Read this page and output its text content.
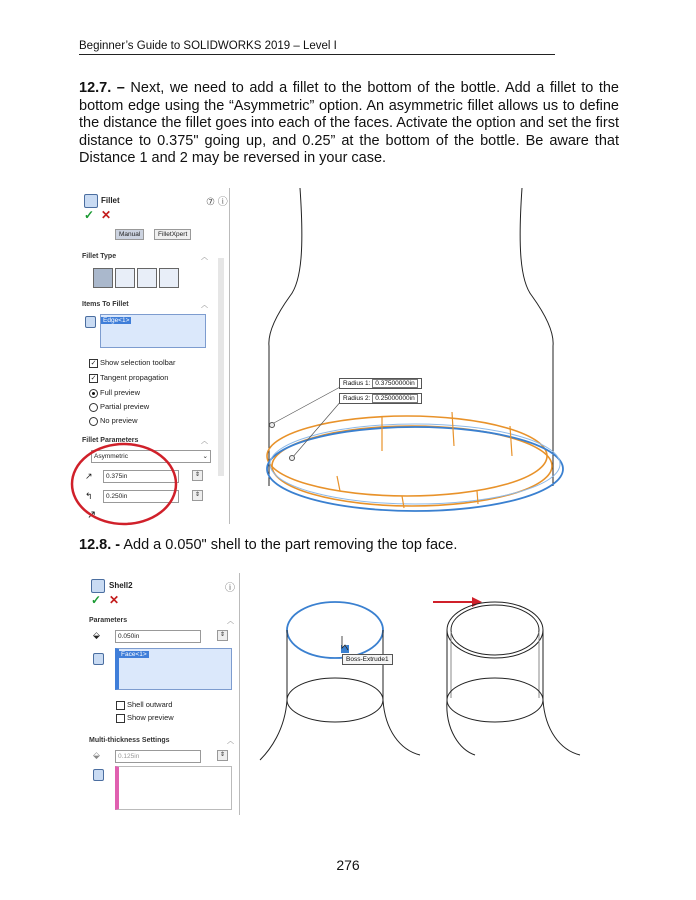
Beginner’s Guide to SOLIDWORKS 2019 – Level I
12.7. – Next, we need to add a fillet to the bottom of the bottle. Add a fillet to the bottom edge using the “Asymmetric” option. An asymmetric fillet allows us to define the distance the fillet goes into each of the faces. Activate the option and set the first distance to 0.375" going up, and 0.25” at the bottom of the bottle. Be aware that Distance 1 and 2 may be reversed in your case.
Fillet	⑦ ⓘ
✓ ✕
Manual	FilletXpert
Fillet Type	︿
Items To Fillet	︿
Edge<1>
✓ Show selection toolbar
✓ Tangent propagation
Full preview
Partial preview
No preview
Fillet Parameters	︿
Asymmetric	⌄
↗	0.375in	⇕
↰	0.250in	⇕
↗
Radius 1: 0.37500000in
Radius 2: 0.25000000in
12.8. - Add a 0.050" shell to the part removing the top face.
Shell2	ⓘ
✓ ✕
Parameters	︿
⬙	0.050in	⇕
Face<1>
Shell outward
Show preview
Multi-thickness Settings	︿
⬙	0.125in	⇕
Boss-Extrude1
276
